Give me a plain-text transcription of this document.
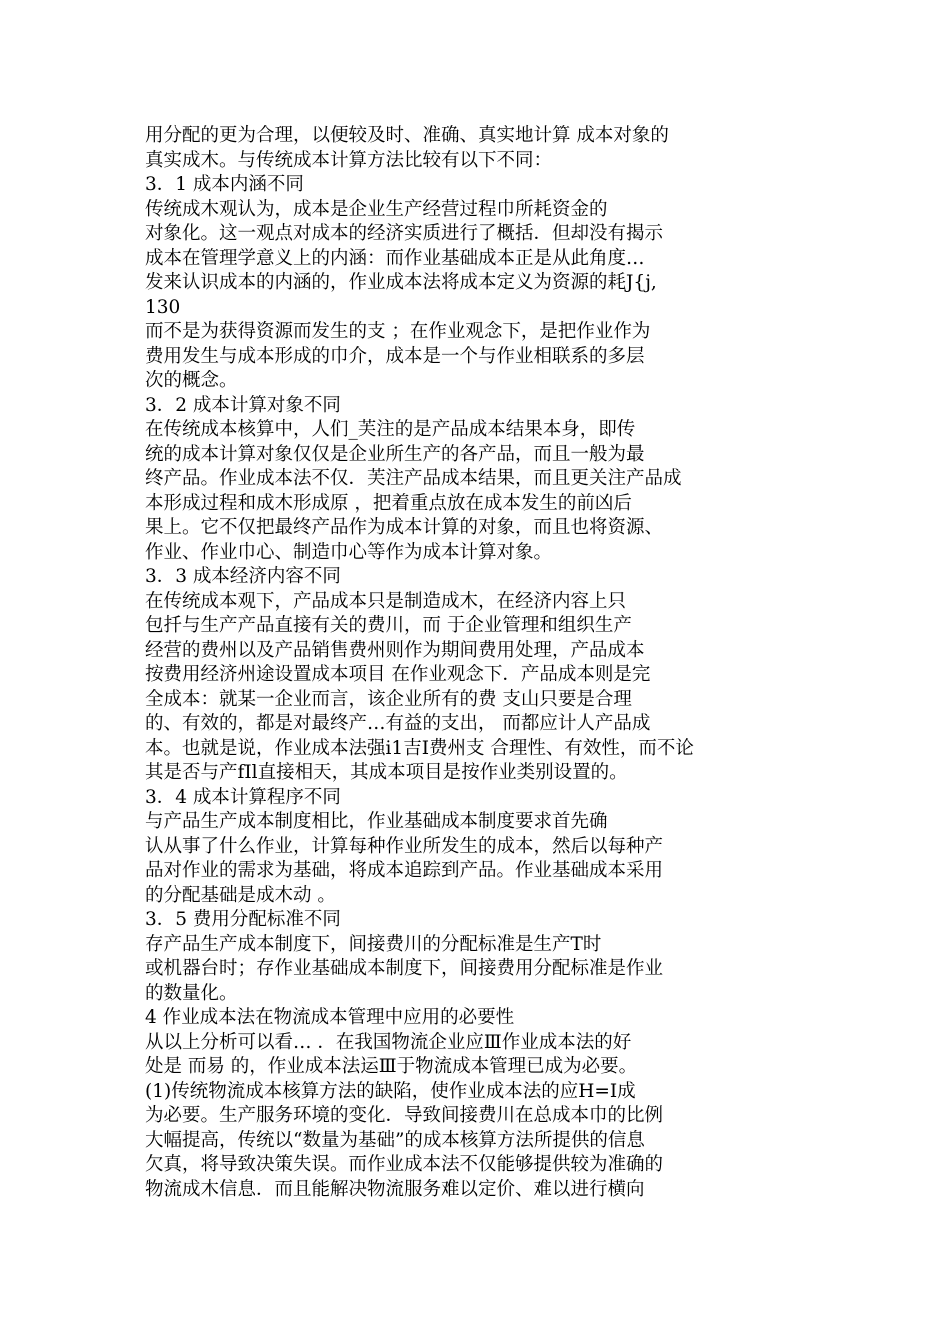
用分配的更为合理，以便较及时、准确、真实地计算 成本对象的
真实成木。与传统成本计算方法比较有以下不同：
3．1 成本内涵不同
传统成木观认为，成本是企业生产经营过程巾所耗资金的
对象化。这一观点对成本的经济实质进行了概括．但却没有揭示
成本在管理学意义上的内涵：而作业基础成本正是从此角度…
发来认识成本的内涵的，作业成本法将成本定义为资源的耗J{j,
130
而不是为获得资源而发生的支 ；在作业观念下，是把作业作为
费用发生与成本形成的巾介，成本是一个与作业相联系的多层
次的概念。
3．2 成本计算对象不同
在传统成本核算中，人们_芙注的是产品成本结果本身，即传
统的成本计算对象仅仅是企业所生产的各产品，而且一般为最
终产品。作业成本法不仅．芙注产品成本结果，而且更关注产品成
本形成过程和成木形成原 ，把着重点放在成本发生的前凶后
果上。它不仅把最终产品作为成本计算的对象，而且也将资源、
作业、作业巾心、制造巾心等作为成本计算对象。
3．3 成本经济内容不同
在传统成本观下，产品成本只是制造成木，在经济内容上只
包扦与生产产品直接有关的费川，而 于企业管理和组织生产
经营的费州以及产品销售费州则作为期间费用处理，产品成本
按费用经济州途设置成本项目 在作业观念下．产品成本则是完
全成本：就某一企业而言，该企业所有的费 支山只要是合理
的、有效的，都是对最终产…有益的支出， 而都应计人产品成
本。也就是说，作业成本法强i1吉I费州支 合理性、有效性，而不论
其是否与产fIl直接相天，其成本项目是按作业类别设置的。
3．4 成本计算程序不同
与产品生产成本制度相比，作业基础成本制度要求首先确
认从事了什么作业，计算每种作业所发生的成本，然后以每种产
品对作业的需求为基础，将成本追踪到产品。作业基础成本采用
的分配基础是成木动 。
3．5 费用分配标准不同
存产品生产成本制度下，间接费川的分配标准是生产T时
或机器台时；存作业基础成本制度下，间接费用分配标准是作业
的数量化。
4 作业成本法在物流成本管理中应用的必要性
从以上分析可以看… ．在我国物流企业应Ⅲ作业成本法的好
处是 而易 的，作业成本法运Ⅲ于物流成本管理已成为必要。
(1)传统物流成本核算方法的缺陷，使作业成本法的应H=I成
为必要。生产服务环境的变化．导致间接费川在总成本巾的比例
大幅提高，传统以“数量为基础”的成本核算方法所提供的信息
欠真，将导致决策失误。而作业成本法不仅能够提供较为准确的
物流成木信息．而且能解决物流服务难以定价、难以进行横向
